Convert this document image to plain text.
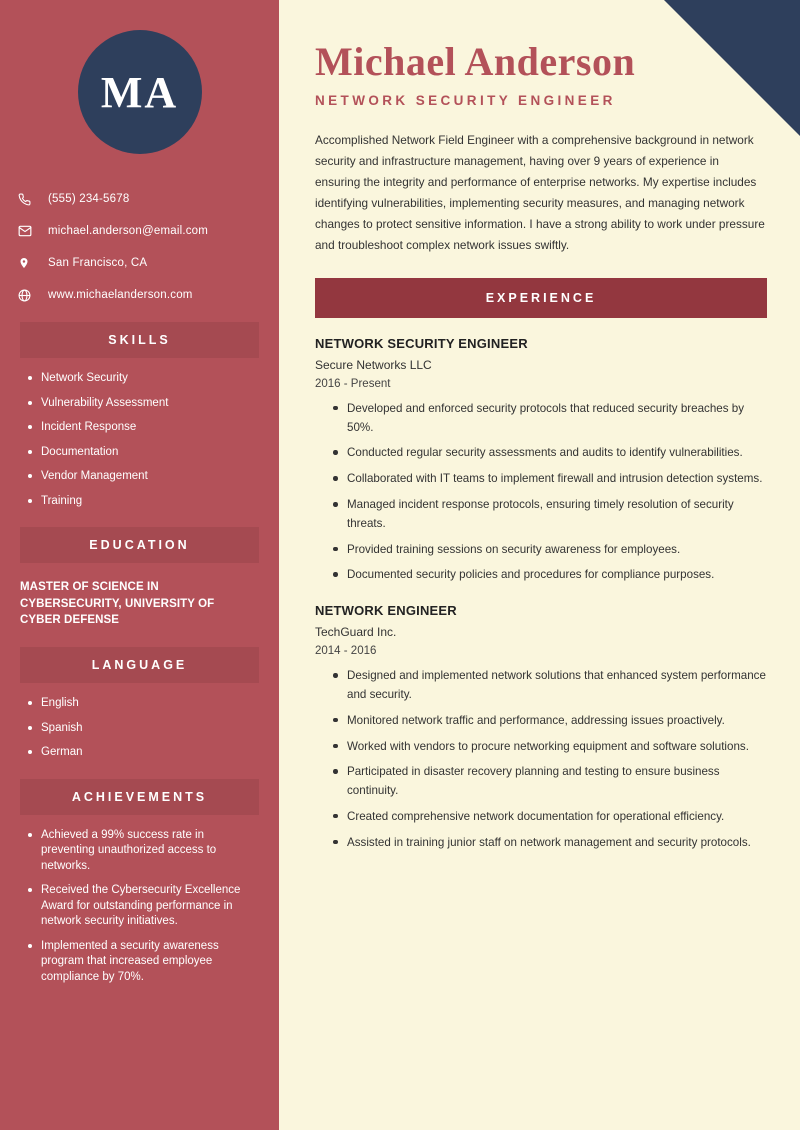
MA
(555) 234-5678
michael.anderson@email.com
San Francisco, CA
www.michaelanderson.com
SKILLS
Network Security
Vulnerability Assessment
Incident Response
Documentation
Vendor Management
Training
EDUCATION
MASTER OF SCIENCE IN CYBERSECURITY, UNIVERSITY OF CYBER DEFENSE
LANGUAGE
English
Spanish
German
ACHIEVEMENTS
Achieved a 99% success rate in preventing unauthorized access to networks.
Received the Cybersecurity Excellence Award for outstanding performance in network security initiatives.
Implemented a security awareness program that increased employee compliance by 70%.
Michael Anderson
NETWORK SECURITY ENGINEER

Accomplished Network Field Engineer with a comprehensive background in network security and infrastructure management, having over 9 years of experience in ensuring the integrity and performance of enterprise networks. My expertise includes identifying vulnerabilities, implementing security measures, and managing network changes to protect sensitive information. I have a strong ability to work under pressure and troubleshoot complex network issues swiftly.

EXPERIENCE
NETWORK SECURITY ENGINEER
Secure Networks LLC
2016 - Present
Developed and enforced security protocols that reduced security breaches by 50%.
Conducted regular security assessments and audits to identify vulnerabilities.
Collaborated with IT teams to implement firewall and intrusion detection systems.
Managed incident response protocols, ensuring timely resolution of security threats.
Provided training sessions on security awareness for employees.
Documented security policies and procedures for compliance purposes.
NETWORK ENGINEER
TechGuard Inc.
2014 - 2016
Designed and implemented network solutions that enhanced system performance and security.
Monitored network traffic and performance, addressing issues proactively.
Worked with vendors to procure networking equipment and software solutions.
Participated in disaster recovery planning and testing to ensure business continuity.
Created comprehensive network documentation for operational efficiency.
Assisted in training junior staff on network management and security protocols.
